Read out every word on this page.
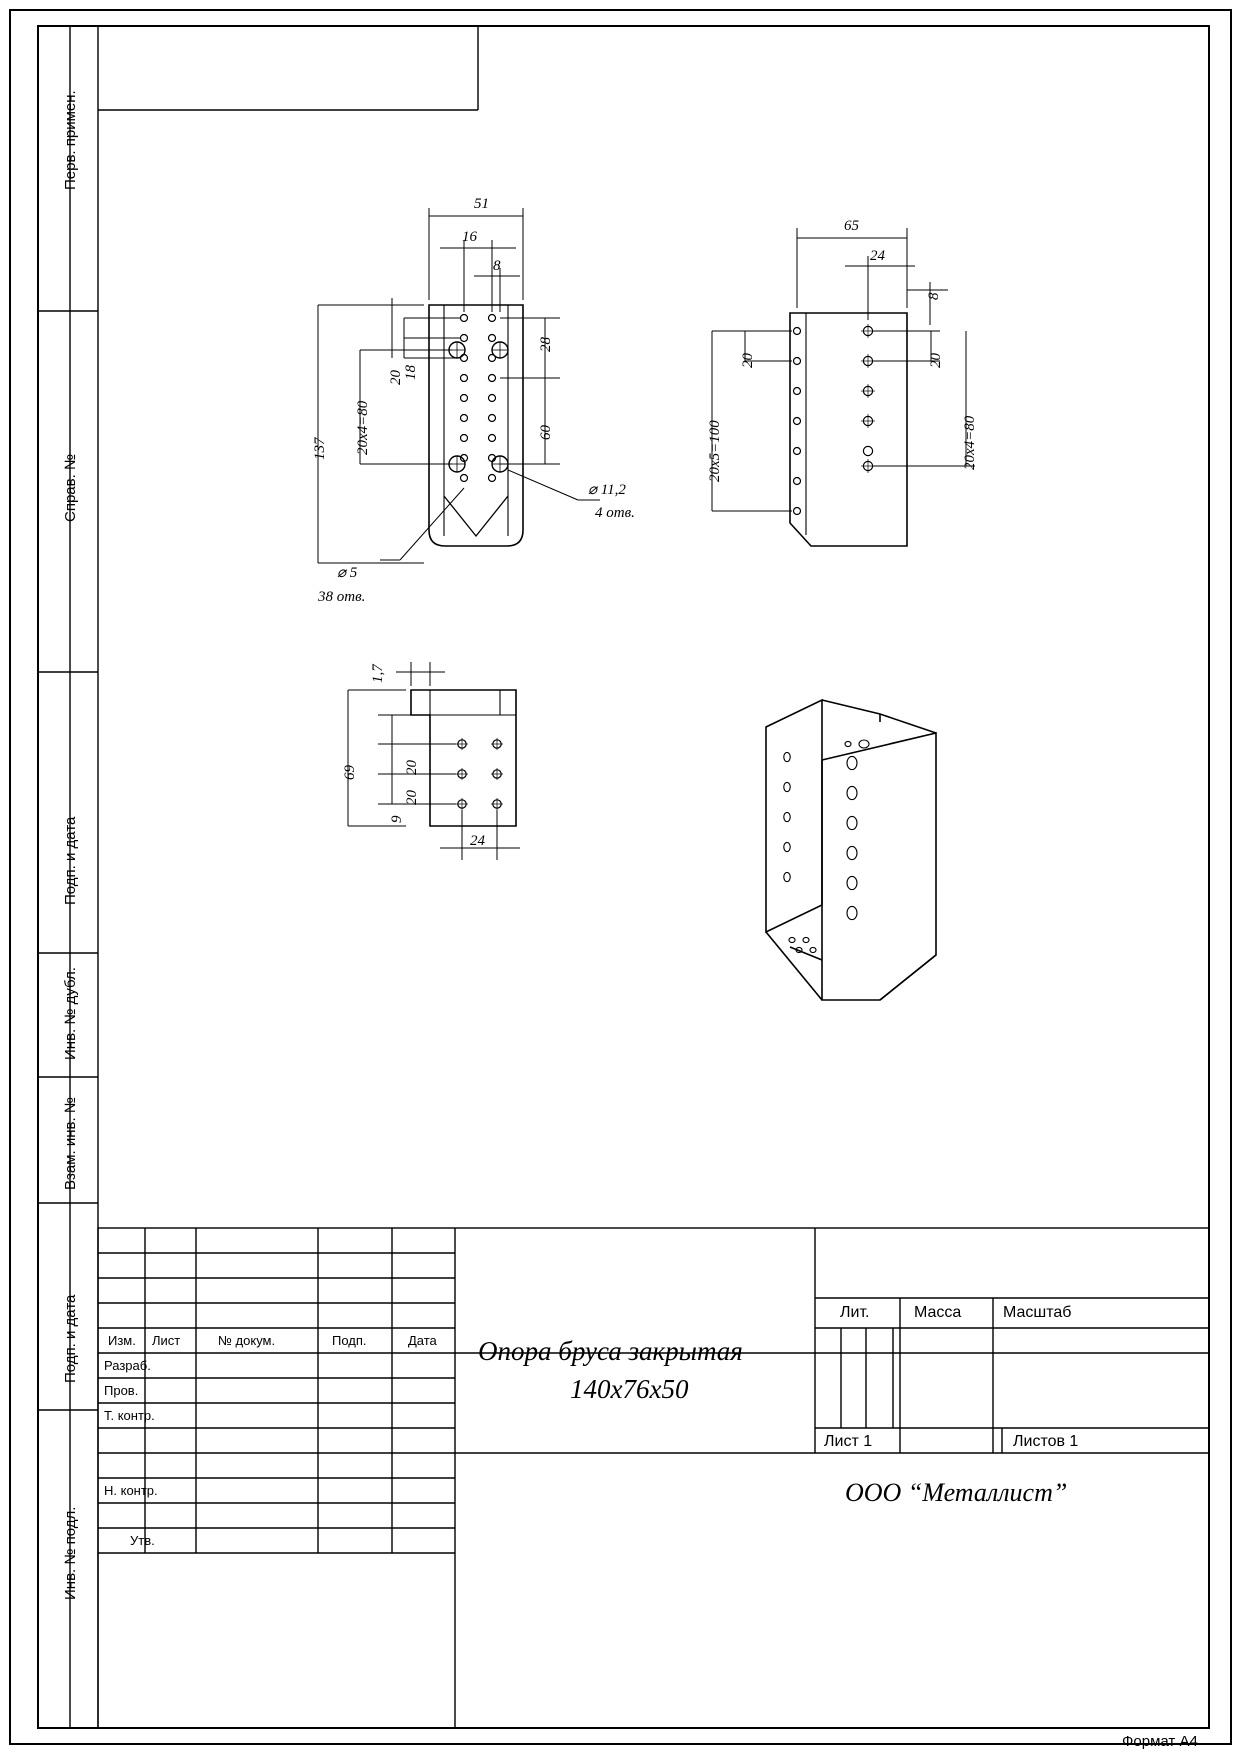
Перв. примен.
Справ. №
Подп. и дата
Инв. № дубл.
Взам. инв. №
Подп. и дата
Инв. № подл.
51
16
8
18
20
28
60
137 20х4=80
⌀ 11,2
4 отв.
⌀ 5
38 отв.
65
24
8
20	20
20х5=100	20х4=80
1,7
69
20
20
9
24
Изм. Лист	№ докум.	Подп.	Дата
Разраб.
Пров.
Т. контр.
Н. контр.
Утв.
Опора бруса закрытая
140х76х50
Лит.	Масса	Масштаб
Лист 1	Листов 1
ООО “Металлист”
Формат А4
